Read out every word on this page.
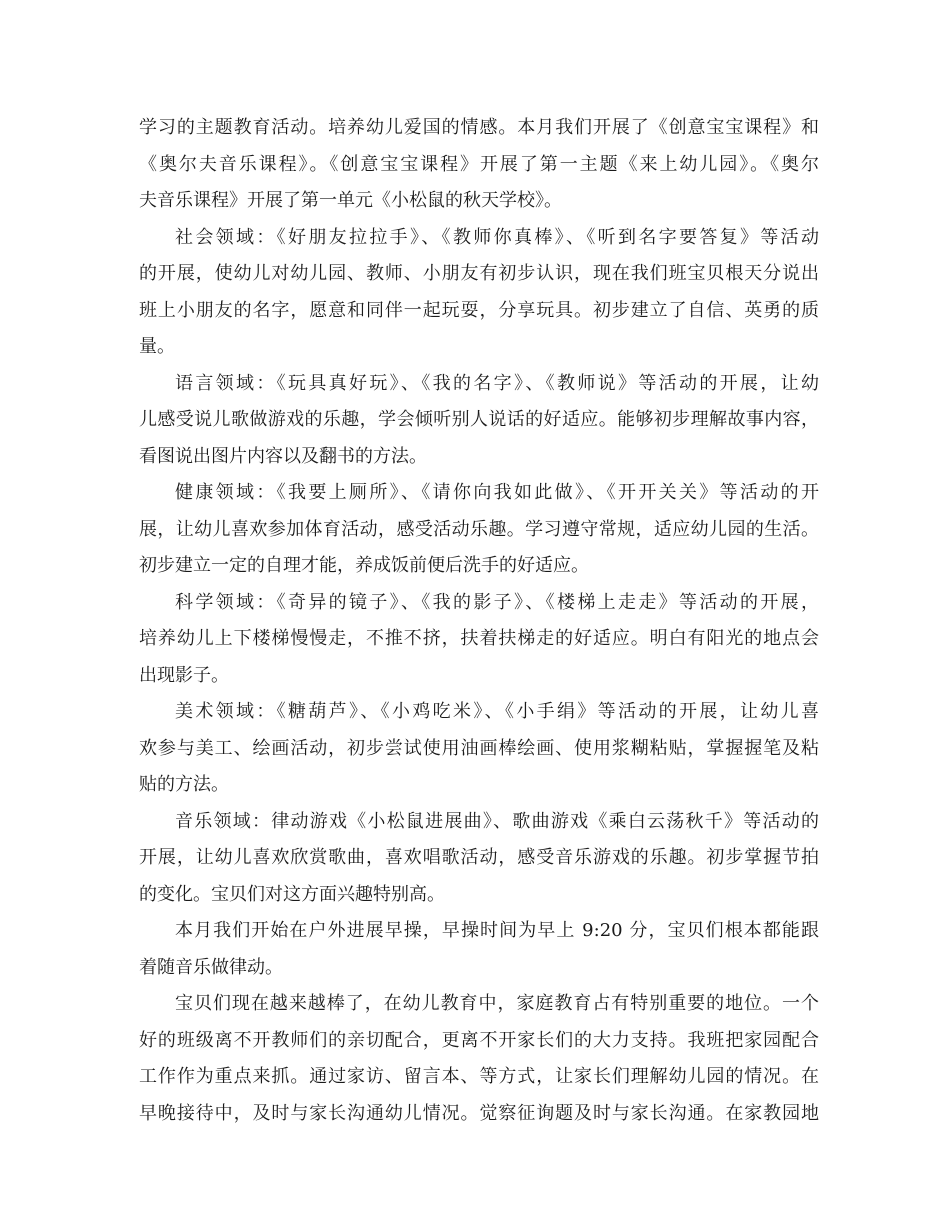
学习的主题教育活动。培养幼儿爱国的情感。本月我们开展了《创意宝宝课程》和
《奥尔夫音乐课程》。《创意宝宝课程》开展了第一主题《来上幼儿园》。《奥尔
夫音乐课程》开展了第一单元《小松鼠的秋天学校》。
社会领域：《好朋友拉拉手》、《教师你真棒》、《听到名字要答复》等活动
的开展，使幼儿对幼儿园、教师、小朋友有初步认识，现在我们班宝贝根天分说出
班上小朋友的名字，愿意和同伴一起玩耍，分享玩具。初步建立了自信、英勇的质
量。
语言领域：《玩具真好玩》、《我的名字》、《教师说》等活动的开展，让幼
儿感受说儿歌做游戏的乐趣，学会倾听别人说话的好适应。能够初步理解故事内容，
看图说出图片内容以及翻书的方法。
健康领域：《我要上厕所》、《请你向我如此做》、《开开关关》等活动的开
展，让幼儿喜欢参加体育活动，感受活动乐趣。学习遵守常规，适应幼儿园的生活。
初步建立一定的自理才能，养成饭前便后洗手的好适应。
科学领域：《奇异的镜子》、《我的影子》、《楼梯上走走》等活动的开展，
培养幼儿上下楼梯慢慢走，不推不挤，扶着扶梯走的好适应。明白有阳光的地点会
出现影子。
美术领域：《糖葫芦》、《小鸡吃米》、《小手绢》等活动的开展，让幼儿喜
欢参与美工、绘画活动，初步尝试使用油画棒绘画、使用浆糊粘贴，掌握握笔及粘
贴的方法。
音乐领域：律动游戏《小松鼠进展曲》、歌曲游戏《乘白云荡秋千》等活动的
开展，让幼儿喜欢欣赏歌曲，喜欢唱歌活动，感受音乐游戏的乐趣。初步掌握节拍
的变化。宝贝们对这方面兴趣特别高。
本月我们开始在户外进展早操，早操时间为早上 9:20 分，宝贝们根本都能跟
着随音乐做律动。
宝贝们现在越来越棒了，在幼儿教育中，家庭教育占有特别重要的地位。一个
好的班级离不开教师们的亲切配合，更离不开家长们的大力支持。我班把家园配合
工作作为重点来抓。通过家访、留言本、等方式，让家长们理解幼儿园的情况。在
早晚接待中，及时与家长沟通幼儿情况。觉察征询题及时与家长沟通。在家教园地
